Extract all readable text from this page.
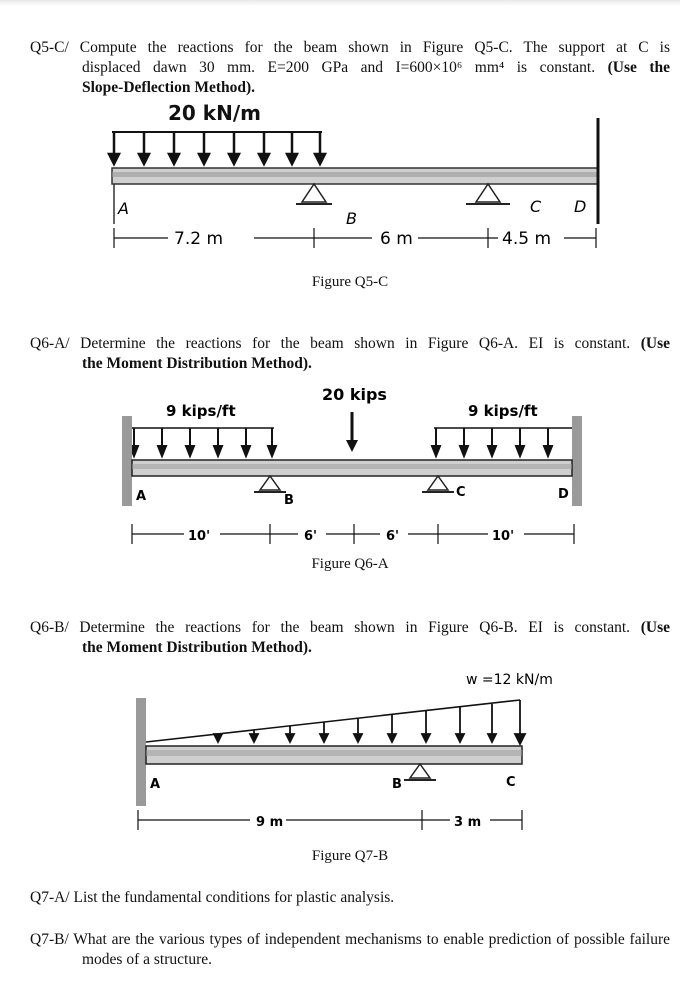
Q5-C/ Compute the reactions for the beam shown in Figure Q5-C. The support at C is
displaced dawn 30 mm. E=200 GPa and I=600×10⁶ mm⁴ is constant. (Use the
Slope-Deflection Method).
20 kN/m
A
B
C D
7.2 m	6 m	4.5 m
Figure Q5-C
Q6-A/ Determine the reactions for the beam shown in Figure Q6-A. EI is constant. (Use
the Moment Distribution Method).
20 kips
9 kips/ft	9 kips/ft
A	B
C	D
10'	6'	6'	10'
Figure Q6-A
Q6-B/ Determine the reactions for the beam shown in Figure Q6-B. EI is constant. (Use
the Moment Distribution Method).
w =12 kN/m
A	B	C
9 m	3 m
Figure Q7-B
Q7-A/ List the fundamental conditions for plastic analysis.
Q7-B/ What are the various types of independent mechanisms to enable prediction of possible failure modes of a structure.
